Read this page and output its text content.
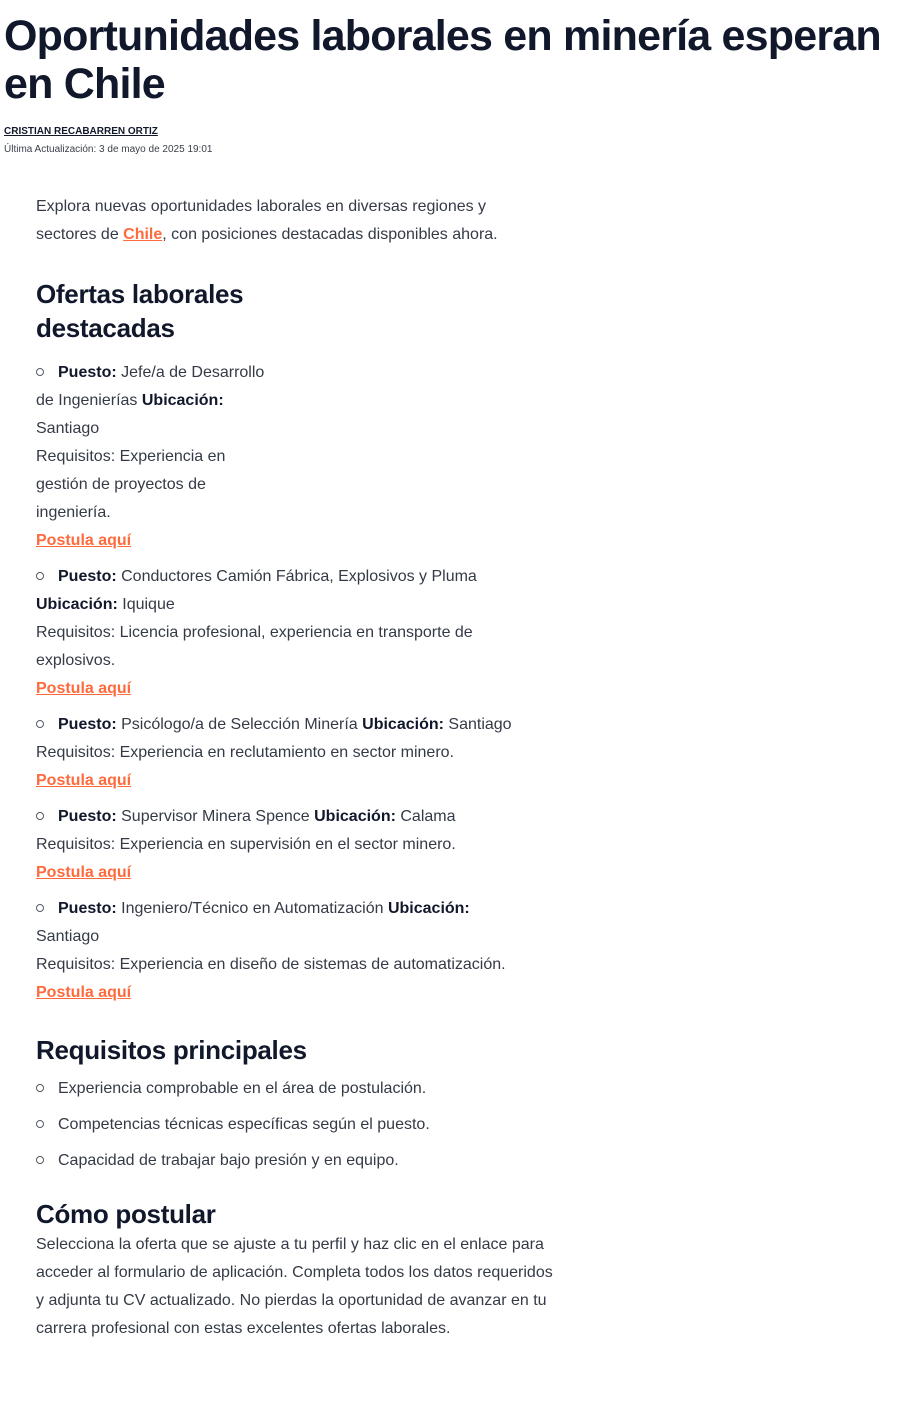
Oportunidades laborales en minería esperan en Chile

CRISTIAN RECABARREN ORTIZ

Última Actualización: 3 de mayo de 2025 19:01

Explora nuevas oportunidades laborales en diversas regiones y sectores de Chile, con posiciones destacadas disponibles ahora.

Ofertas laborales destacadas
Puesto: Jefe/a de Desarrollo de Ingenierías Ubicación: Santiago
Requisitos: Experiencia en gestión de proyectos de ingeniería.
Postula aquí
Puesto: Conductores Camión Fábrica, Explosivos y Pluma
Ubicación: Iquique
Requisitos: Licencia profesional, experiencia en transporte de explosivos.
Postula aquí
Puesto: Psicólogo/a de Selección Minería Ubicación: Santiago
Requisitos: Experiencia en reclutamiento en sector minero.
Postula aquí
Puesto: Supervisor Minera Spence Ubicación: Calama
Requisitos: Experiencia en supervisión en el sector minero.
Postula aquí
Puesto: Ingeniero/Técnico en Automatización Ubicación:
Santiago
Requisitos: Experiencia en diseño de sistemas de automatización.
Postula aquí
Requisitos principales
Experiencia comprobable en el área de postulación.
Competencias técnicas específicas según el puesto.
Capacidad de trabajar bajo presión y en equipo.
Cómo postular

Selecciona la oferta que se ajuste a tu perfil y haz clic en el enlace para acceder al formulario de aplicación. Completa todos los datos requeridos y adjunta tu CV actualizado. No pierdas la oportunidad de avanzar en tu carrera profesional con estas excelentes ofertas laborales.
